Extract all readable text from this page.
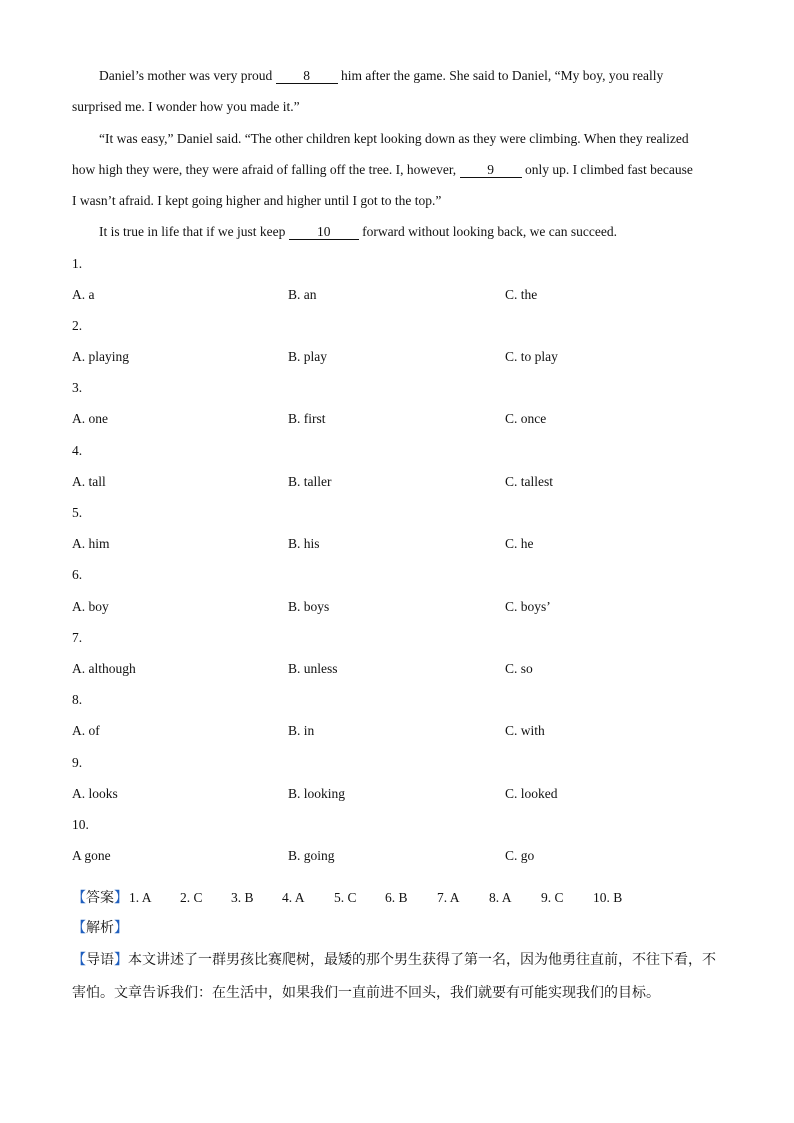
Daniel’s mother was very proud 8 him after the game. She said to Daniel, “My boy, you really
surprised me. I wonder how you made it.”
“It was easy,” Daniel said. “The other children kept looking down as they were climbing. When they realized
how high they were, they were afraid of falling off the tree. I, however, 9 only up. I climbed fast because
I wasn’t afraid. I kept going higher and higher until I got to the top.”
It is true in life that if we just keep 10 forward without looking back, we can succeed.
1.
A. a	B. an	C. the
2.
A. playing	B. play	C. to play
3.
A. one	B. first	C. once
4.
A. tall	B. taller	C. tallest
5.
A. him	B. his	C. he
6.
A. boy	B. boys	C. boys’
7.
A. although	B. unless	C. so
8.
A. of	B. in	C. with
9.
A. looks	B. looking	C. looked
10.
A gone	B. going	C. go
【答案】 1. A 2. C 3. B 4. A 5. C 6. B 7. A 8. A 9. C 10. B
【解析】
【导语】本文讲述了一群男孩比赛爬树，最矮的那个男生获得了第一名，因为他勇往直前，不往下看，不
害怕。文章告诉我们：在生活中，如果我们一直前进不回头，我们就要有可能实现我们的目标。
